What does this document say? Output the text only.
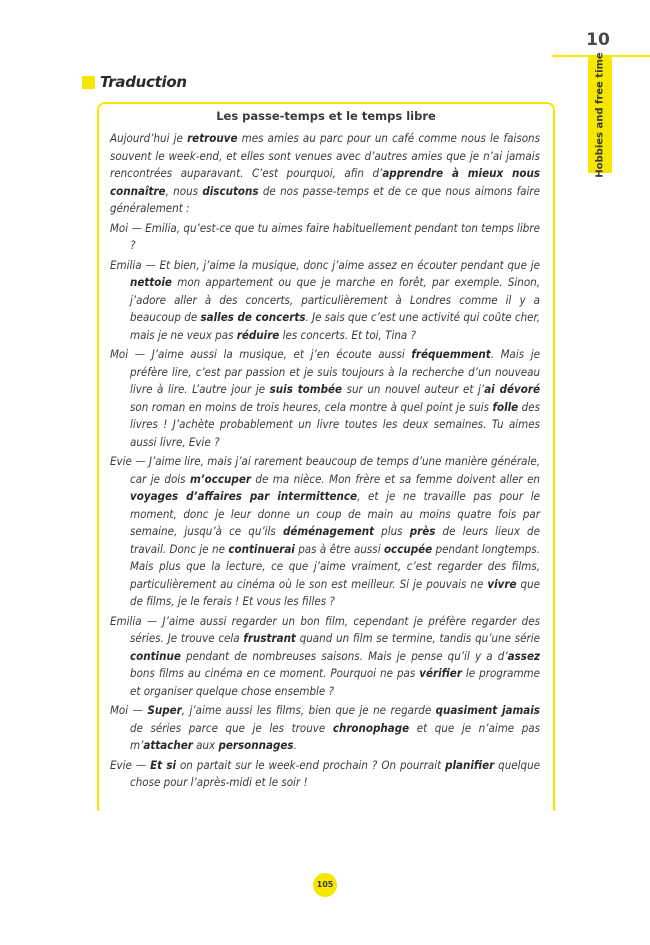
10
Hobbies and free time
Traduction
Les passe-temps et le temps libre

Aujourd’hui je retrouve mes amies au parc pour un café comme nous le faisons souvent le week-end, et elles sont venues avec d’autres amies que je n’ai jamais rencontrées auparavant. C’est pourquoi, afin d’apprendre à mieux nous connaître, nous discutons de nos passe-temps et de ce que nous aimons faire généralement :

Moi — Emilia, qu’est-ce que tu aimes faire habituellement pendant ton temps libre ?

Emilia — Et bien, j’aime la musique, donc j’aime assez en écouter pendant que je nettoie mon appartement ou que je marche en forêt, par exemple. Sinon, j’adore aller à des concerts, particulièrement à Londres comme il y a beaucoup de salles de concerts. Je sais que c’est une activité qui coûte cher, mais je ne veux pas réduire les concerts. Et toi, Tina ?

Moi — J’aime aussi la musique, et j’en écoute aussi fréquemment. Mais je préfère lire, c’est par passion et je suis toujours à la recherche d’un nouveau livre à lire. L’autre jour je suis tombée sur un nouvel auteur et j’ai dévoré son roman en moins de trois heures, cela montre à quel point je suis folle des livres ! J’achète probablement un livre toutes les deux semaines. Tu aimes aussi livre, Evie ?

Evie — J’aime lire, mais j’ai rarement beaucoup de temps d’une manière générale, car je dois m’occuper de ma nièce. Mon frère et sa femme doivent aller en voyages d’affaires par intermittence, et je ne travaille pas pour le moment, donc je leur donne un coup de main au moins quatre fois par semaine, jusqu’à ce qu’ils déménagement plus près de leurs lieux de travail. Donc je ne continuerai pas à être aussi occupée pendant longtemps. Mais plus que la lecture, ce que j’aime vraiment, c’est regarder des films, particulièrement au cinéma où le son est meilleur. Si je pouvais ne vivre que de films, je le ferais ! Et vous les filles ?

Emilia — J’aime aussi regarder un bon film, cependant je préfère regarder des séries. Je trouve cela frustrant quand un film se termine, tandis qu’une série continue pendant de nombreuses saisons. Mais je pense qu’il y a d’assez bons films au cinéma en ce moment. Pourquoi ne pas vérifier le programme et organiser quelque chose ensemble ?

Moi — Super, j’aime aussi les films, bien que je ne regarde quasiment jamais de séries parce que je les trouve chronophage et que je n’aime pas m’attacher aux personnages.

Evie — Et si on partait sur le week-end prochain ? On pourrait planifier quelque chose pour l’après-midi et le soir !

105
